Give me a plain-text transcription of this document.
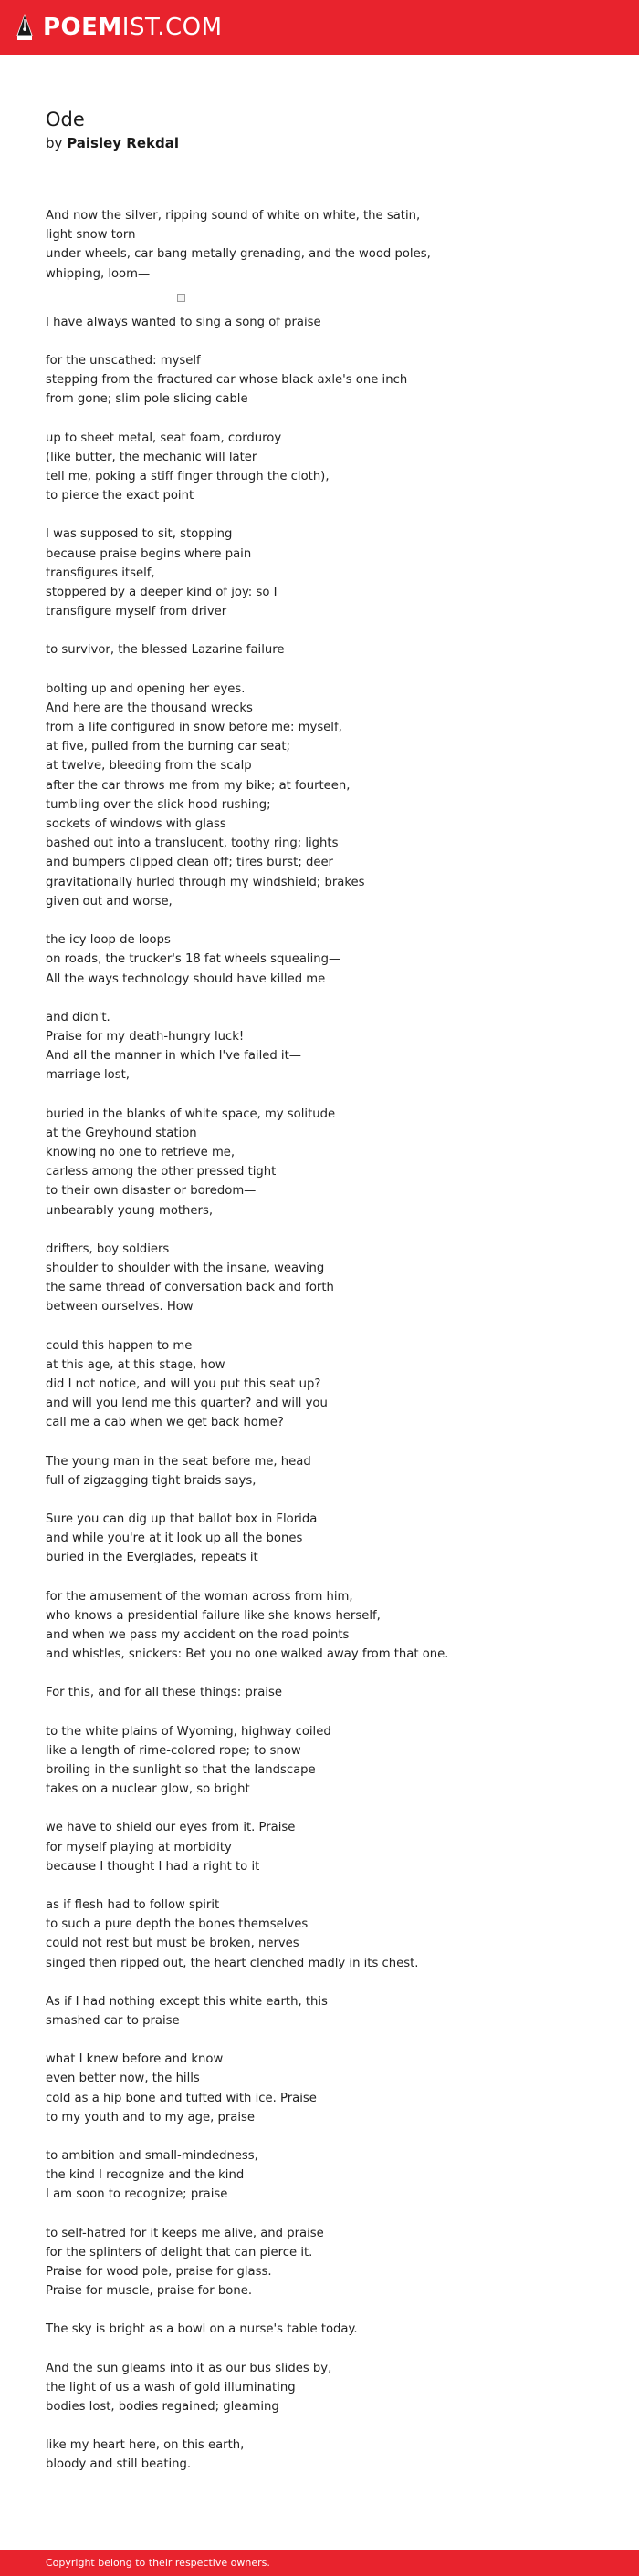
POEMIST.COM
Ode

by Paisley Rekdal

And now the silver, ripping sound of white on white, the satin,
light snow torn
under wheels, car bang metally grenading, and the wood poles,
whipping, loom—
I have always wanted to sing a song of praise
for the unscathed: myself
stepping from the fractured car whose black axle's one inch
from gone; slim pole slicing cable
up to sheet metal, seat foam, corduroy
(like butter, the mechanic will later
tell me, poking a stiff finger through the cloth),
to pierce the exact point
I was supposed to sit, stopping
because praise begins where pain
transfigures itself,
stoppered by a deeper kind of joy: so I
transfigure myself from driver
to survivor, the blessed Lazarine failure
bolting up and opening her eyes.
And here are the thousand wrecks
from a life configured in snow before me: myself,
at five, pulled from the burning car seat;
at twelve, bleeding from the scalp
after the car throws me from my bike; at fourteen,
tumbling over the slick hood rushing;
sockets of windows with glass
bashed out into a translucent, toothy ring; lights
and bumpers clipped clean off; tires burst; deer
gravitationally hurled through my windshield; brakes
given out and worse,
the icy loop de loops
on roads, the trucker's 18 fat wheels squealing—
All the ways technology should have killed me
and didn't.
Praise for my death-hungry luck!
And all the manner in which I've failed it—
marriage lost,
buried in the blanks of white space, my solitude
at the Greyhound station
knowing no one to retrieve me,
carless among the other pressed tight
to their own disaster or boredom—
unbearably young mothers,
drifters, boy soldiers
shoulder to shoulder with the insane, weaving
the same thread of conversation back and forth
between ourselves. How
could this happen to me
at this age, at this stage, how
did I not notice, and will you put this seat up?
and will you lend me this quarter? and will you
call me a cab when we get back home?
The young man in the seat before me, head
full of zigzagging tight braids says,
Sure you can dig up that ballot box in Florida
and while you're at it look up all the bones
buried in the Everglades, repeats it
for the amusement of the woman across from him,
who knows a presidential failure like she knows herself,
and when we pass my accident on the road points
and whistles, snickers: Bet you no one walked away from that one.
For this, and for all these things: praise
to the white plains of Wyoming, highway coiled
like a length of rime-colored rope; to snow
broiling in the sunlight so that the landscape
takes on a nuclear glow, so bright
we have to shield our eyes from it. Praise
for myself playing at morbidity
because I thought I had a right to it
as if flesh had to follow spirit
to such a pure depth the bones themselves
could not rest but must be broken, nerves
singed then ripped out, the heart clenched madly in its chest.
As if I had nothing except this white earth, this
smashed car to praise
what I knew before and know
even better now, the hills
cold as a hip bone and tufted with ice. Praise
to my youth and to my age, praise
to ambition and small-mindedness,
the kind I recognize and the kind
I am soon to recognize; praise
to self-hatred for it keeps me alive, and praise
for the splinters of delight that can pierce it.
Praise for wood pole, praise for glass.
Praise for muscle, praise for bone.
The sky is bright as a bowl on a nurse's table today.
And the sun gleams into it as our bus slides by,
the light of us a wash of gold illuminating
bodies lost, bodies regained; gleaming
like my heart here, on this earth,
bloody and still beating.
Copyright belong to their respective owners.
